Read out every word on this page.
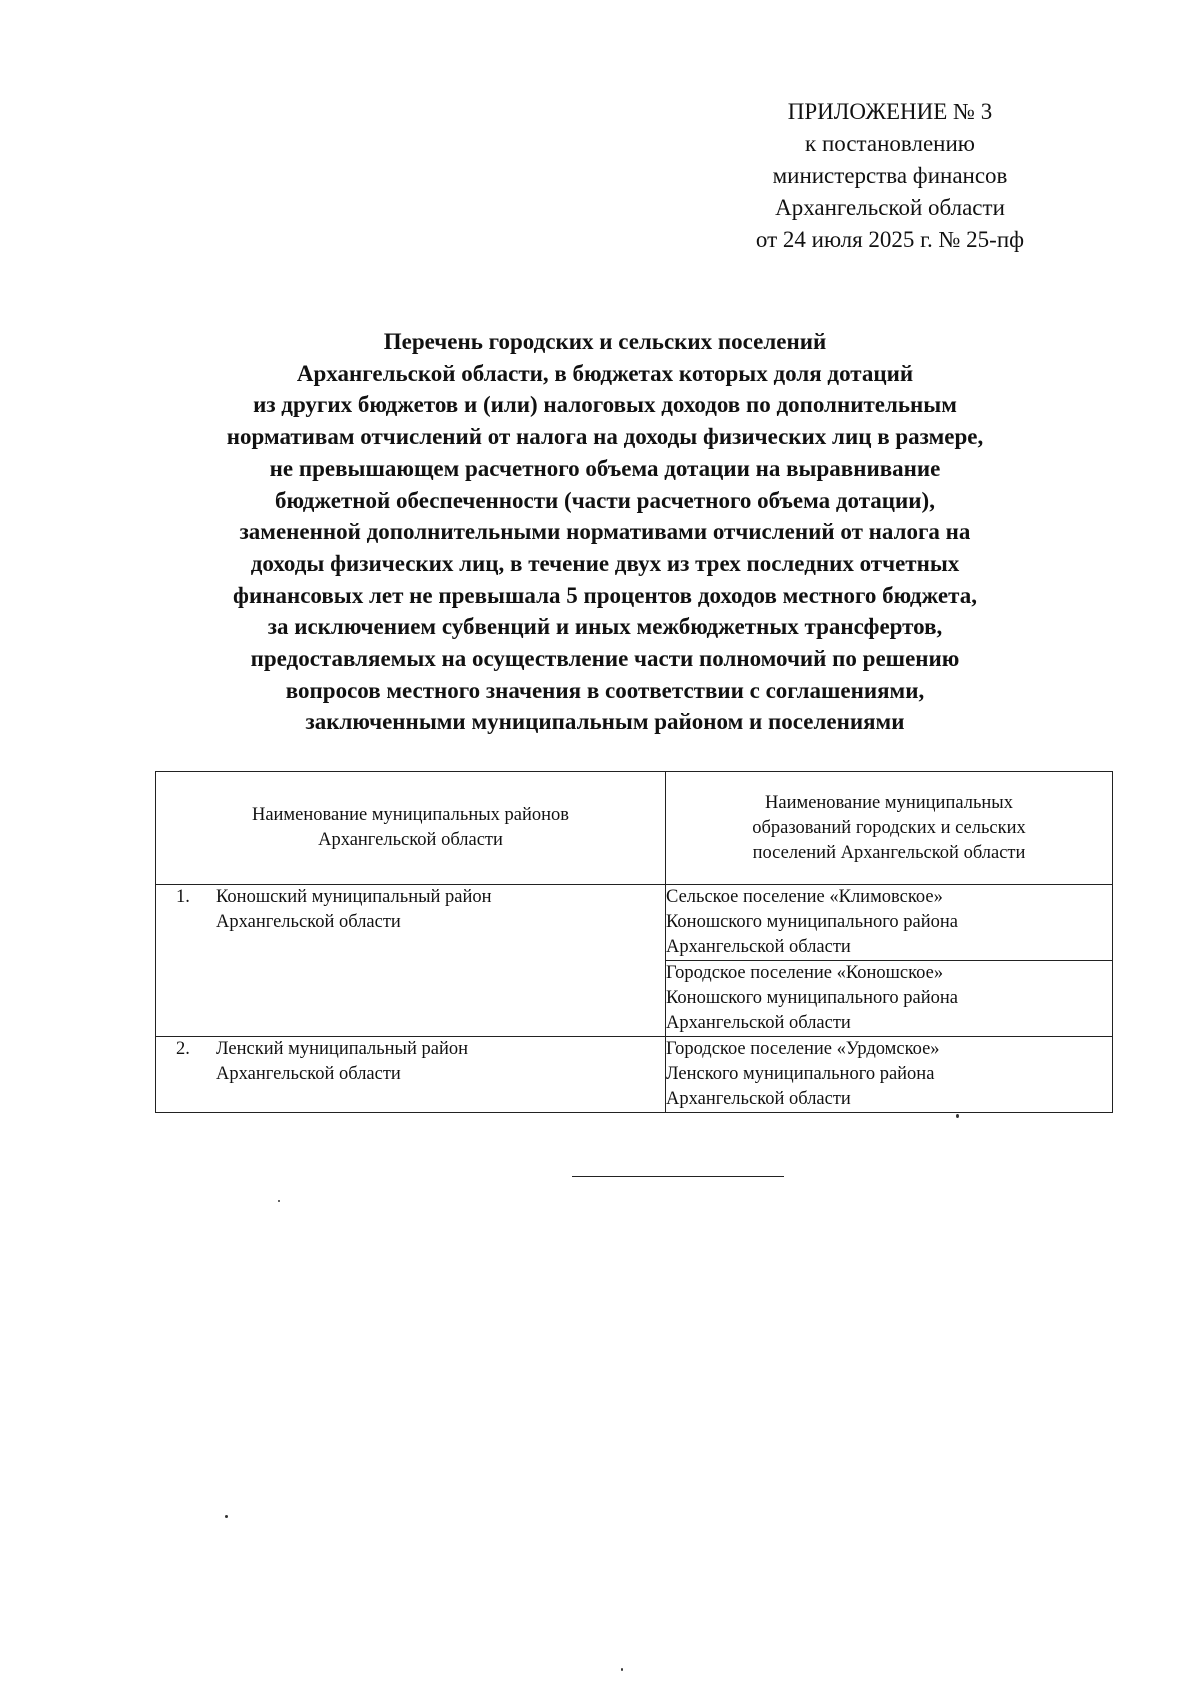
ПРИЛОЖЕНИЕ № 3
к постановлению
министерства финансов
Архангельской области
от 24 июля 2025 г. № 25-пф
Перечень городских и сельских поселений
Архангельской области, в бюджетах которых доля дотаций
из других бюджетов и (или) налоговых доходов по дополнительным
нормативам отчислений от налога на доходы физических лиц в размере,
не превышающем расчетного объема дотации на выравнивание
бюджетной обеспеченности (части расчетного объема дотации),
замененной дополнительными нормативами отчислений от налога на
доходы физических лиц, в течение двух из трех последних отчетных
финансовых лет не превышала 5 процентов доходов местного бюджета,
за исключением субвенций и иных межбюджетных трансфертов,
предоставляемых на осуществление части полномочий по решению
вопросов местного значения в соответствии с соглашениями,
заключенными муниципальным районом и поселениями
Наименование муниципальных районов
Архангельской области	Наименование муниципальных
образований городских и сельских
поселений Архангельской области

1. Коношский муниципальный район
Архангельской области	Сельское поселение «Климовское»
Коношского муниципального района
Архангельской области

	Городское поселение «Коношское»
Коношского муниципального района
Архангельской области

2. Ленский муниципальный район
Архангельской области	Городское поселение «Урдомское»
Ленского муниципального района
Архангельской области
